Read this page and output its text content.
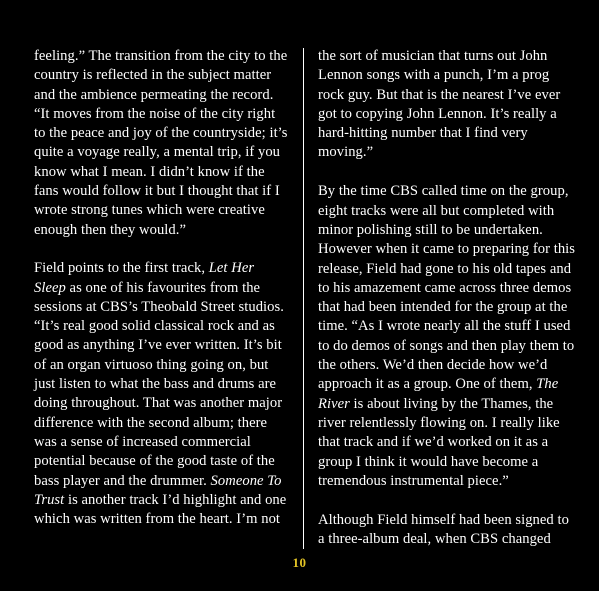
feeling.” The transition from the city to the country is reflected in the subject matter and the ambience permeating the record. “It moves from the noise of the city right to the peace and joy of the countryside; it’s quite a voyage really, a mental trip, if you know what I mean. I didn’t know if the fans would follow it but I thought that if I wrote strong tunes which were creative enough then they would.”

Field points to the first track, Let Her Sleep as one of his favourites from the sessions at CBS’s Theobald Street studios. “It’s real good solid classical rock and as good as anything I’ve ever written. It’s bit of an organ virtuoso thing going on, but just listen to what the bass and drums are doing throughout. That was another major difference with the second album; there was a sense of increased commercial potential because of the good taste of the bass player and the drummer. Someone To Trust is another track I’d highlight and one which was written from the heart. I’m not

the sort of musician that turns out John Lennon songs with a punch, I’m a prog rock guy. But that is the nearest I’ve ever got to copying John Lennon. It’s really a hard-hitting number that I find very moving.”

By the time CBS called time on the group, eight tracks were all but completed with minor polishing still to be undertaken. However when it came to preparing for this release, Field had gone to his old tapes and to his amazement came across three demos that had been intended for the group at the time. “As I wrote nearly all the stuff I used to do demos of songs and then play them to the others. We’d then decide how we’d approach it as a group. One of them, The River is about living by the Thames, the river relentlessly flowing on. I really like that track and if we’d worked on it as a group I think it would have become a tremendous instrumental piece.”

Although Field himself had been signed to a three-album deal, when CBS changed

10
